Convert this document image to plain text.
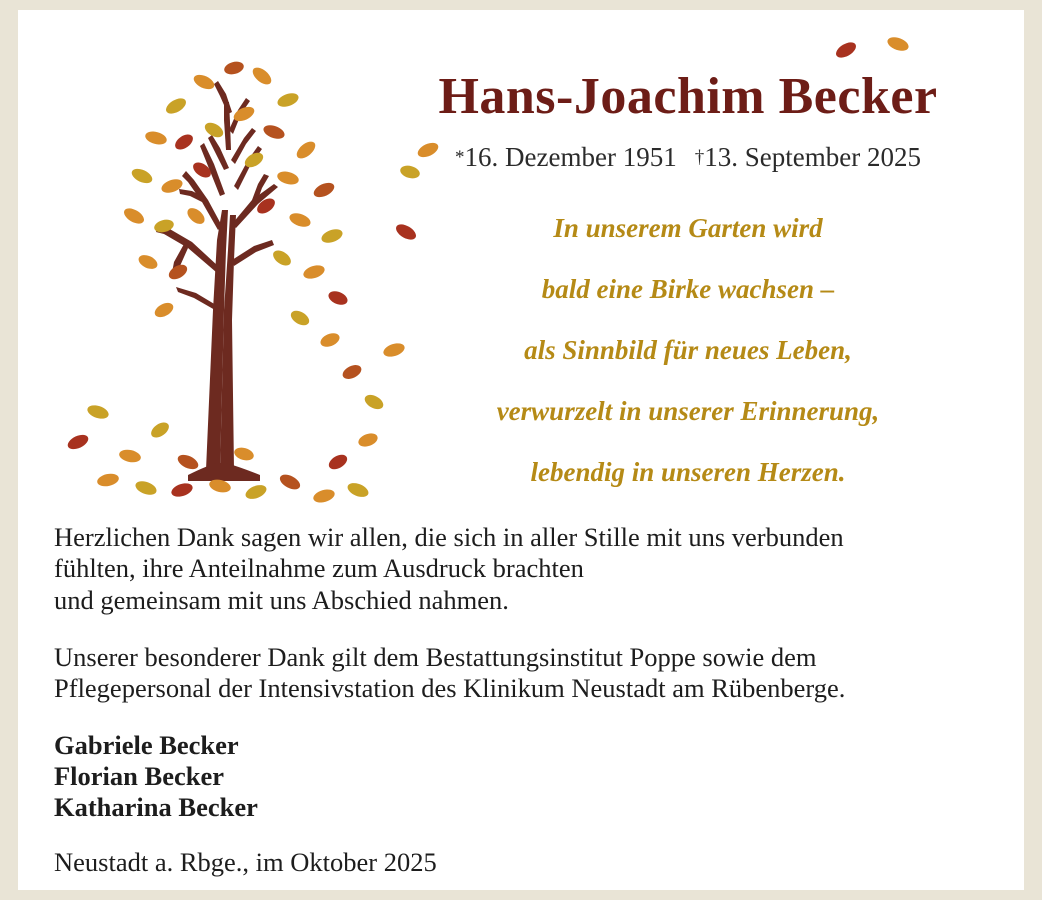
Hans-Joachim Becker
*16. Dezember 1951 †13. September 2025
In unserem Garten wird
bald eine Birke wachsen –
als Sinnbild für neues Leben,
verwurzelt in unserer Erinnerung,
lebendig in unseren Herzen.
Herzlichen Dank sagen wir allen, die sich in aller Stille mit uns verbunden
fühlten, ihre Anteilnahme zum Ausdruck brachten
und gemeinsam mit uns Abschied nahmen.
Unserer besonderer Dank gilt dem Bestattungsinstitut Poppe sowie dem
Pflegepersonal der Intensivstation des Klinikum Neustadt am Rübenberge.
Gabriele Becker
Florian Becker
Katharina Becker
Neustadt a. Rbge., im Oktober 2025
